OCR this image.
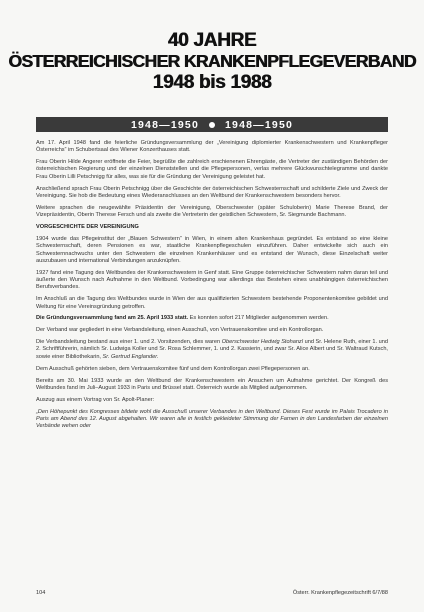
40 JAHRE
ÖSTERREICHISCHER KRANKENPFLEGEVERBAND
1948 bis 1988
1948—1950 1948—1950

Am 17. April 1948 fand die feierliche Gründungsversammlung der „Vereinigung diplomierter Krankenschwestern und Krankenpfleger Österreichs“ im Schubertsaal des Wiener Konzerthauses statt.

Frau Oberin Hilde Angerer eröffnete die Feier, begrüßte die zahlreich erschienenen Ehrengäste, die Vertreter der zuständigen Behörden der österreichischen Regierung und der einzelnen Dienststellen und die Pflegepersonen, verlas mehrere Glückwunschtelegramme und dankte Frau Oberin Lilli Petschnigg für alles, was sie für die Gründung der Vereinigung geleistet hat.

Anschließend sprach Frau Oberin Petschnigg über die Geschichte der österreichischen Schwesternschaft und schilderte Ziele und Zweck der Vereinigung. Sie hob die Bedeutung eines Wiederanschlusses an den Weltbund der Krankenschwestern besonders hervor.

Weitere sprachen die neugewählte Präsidentin der Vereinigung, Oberschwester (später Schuloberin) Marie Therese Brand, der Vizepräsidentin, Oberin Therese Fersch und als zweite die Vertreterin der geistlichen Schwestern, Sr. Siegmunde Bachmann.

VORGESCHICHTE DER VEREINIGUNG

1904 wurde das Pflegeinstitut der „Blauen Schwestern“ in Wien, in einem alten Krankenhaus gegründet. Es entstand so eine kleine Schwesternschaft, deren Pensionen es war, staatliche Krankenpflegeschulen einzuführen. Daher entwickelte sich auch ein Schwesternnachwuchs unter den Schwestern die einzelnen Krankenhäuser und es entstand der Wunsch, diese Einzelschaft weiter auszubauen und international Verbindungen anzuknüpfen.

1927 fand eine Tagung des Weltbundes der Krankenschwestern in Genf statt. Eine Gruppe österreichischer Schwestern nahm daran teil und äußerte den Wunsch nach Aufnahme in den Weltbund. Vorbedingung war allerdings das Bestehen eines unabhängigen österreichischen Berufsverbandes.

Im Anschluß an die Tagung des Weltbundes wurde in Wien der aus qualifizierten Schwestern bestehende Proponentenkomitee gebildet und Weltung für eine Vereinsgründung getroffen.

Die Gründungsversammlung fand am 25. April 1933 statt. Es konnten sofort 217 Mitglieder aufgenommen werden.

Der Verband war gegliedert in eine Verbandsleitung, einen Ausschuß, von Vertrauenskomitee und ein Kontrollorgan.

Die Verbandsleitung bestand aus einer 1. und 2. Vorsitzenden, dies waren Oberschwester Hedwig Stohanzl und Sr. Helene Ruth, einer 1. und 2. Schriftführerin, nämlich Sr. Ludwiga Koller und Sr. Rosa Schlemmer, 1. und 2. Kassierin, und zwar Sr. Alice Albert und Sr. Waltraud Kutsch, sowie einer Bibliothekarin, Sr. Gertrud Englander.

Dem Ausschuß gehörten sieben, dem Vertrauenskomitee fünf und dem Kontrollorgan zwei Pflegepersonen an.

Bereits am 30. Mai 1933 wurde an den Weltbund der Krankenschwestern ein Ansuchen um Aufnahme gerichtet. Der Kongreß des Weltbundes fand im Juli–August 1933 in Paris und Brüssel statt. Österreich wurde als Mitglied aufgenommen.

Auszug aus einem Vortrag von Sr. Apolt-Planer:

„Den Höhepunkt des Kongresses bildete wohl die Ausschuß unserer Verbandes in den Weltbund. Dieses Fest wurde im Palais Trocadero in Paris am Abend des 12. August abgehalten. Wir waren alle in festlich gekleideter Stimmung der Farnen in den Landesfarben der einzelnen Verbände wehen oder

104	Österr. Krankenpflegezeitschrift 6/7/88
